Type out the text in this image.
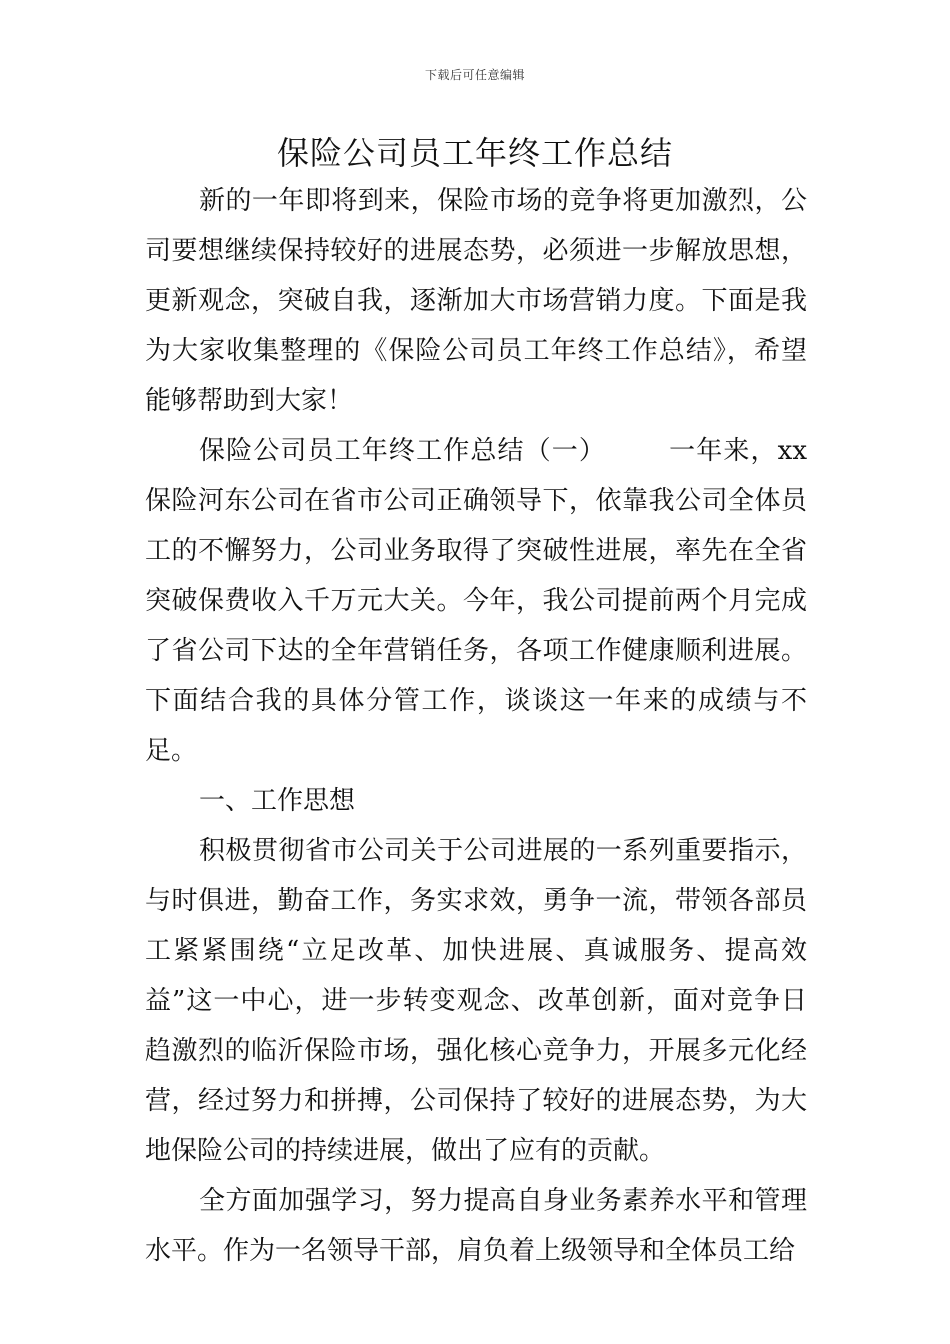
下载后可任意编辑
保险公司员工年终工作总结

新的一年即将到来，保险市场的竞争将更加激烈，公司要想继续保持较好的进展态势，必须进一步解放思想，更新观念，突破自我，逐渐加大市场营销力度。下面是我为大家收集整理的《保险公司员工年终工作总结》，希望能够帮助到大家！

保险公司员工年终工作总结（一） 一年来，xx保险河东公司在省市公司正确领导下，依靠我公司全体员工的不懈努力，公司业务取得了突破性进展，率先在全省突破保费收入千万元大关。今年，我公司提前两个月完成了省公司下达的全年营销任务，各项工作健康顺利进展。下面结合我的具体分管工作，谈谈这一年来的成绩与不足。

一、工作思想

积极贯彻省市公司关于公司进展的一系列重要指示，与时俱进，勤奋工作，务实求效，勇争一流，带领各部员工紧紧围绕“立足改革、加快进展、真诚服务、提高效益”这一中心，进一步转变观念、改革创新，面对竞争日趋激烈的临沂保险市场，强化核心竞争力，开展多元化经营，经过努力和拼搏，公司保持了较好的进展态势，为大地保险公司的持续进展，做出了应有的贡献。

全方面加强学习，努力提高自身业务素养水平和管理水平。作为一名领导干部，肩负着上级领导和全体员工给
